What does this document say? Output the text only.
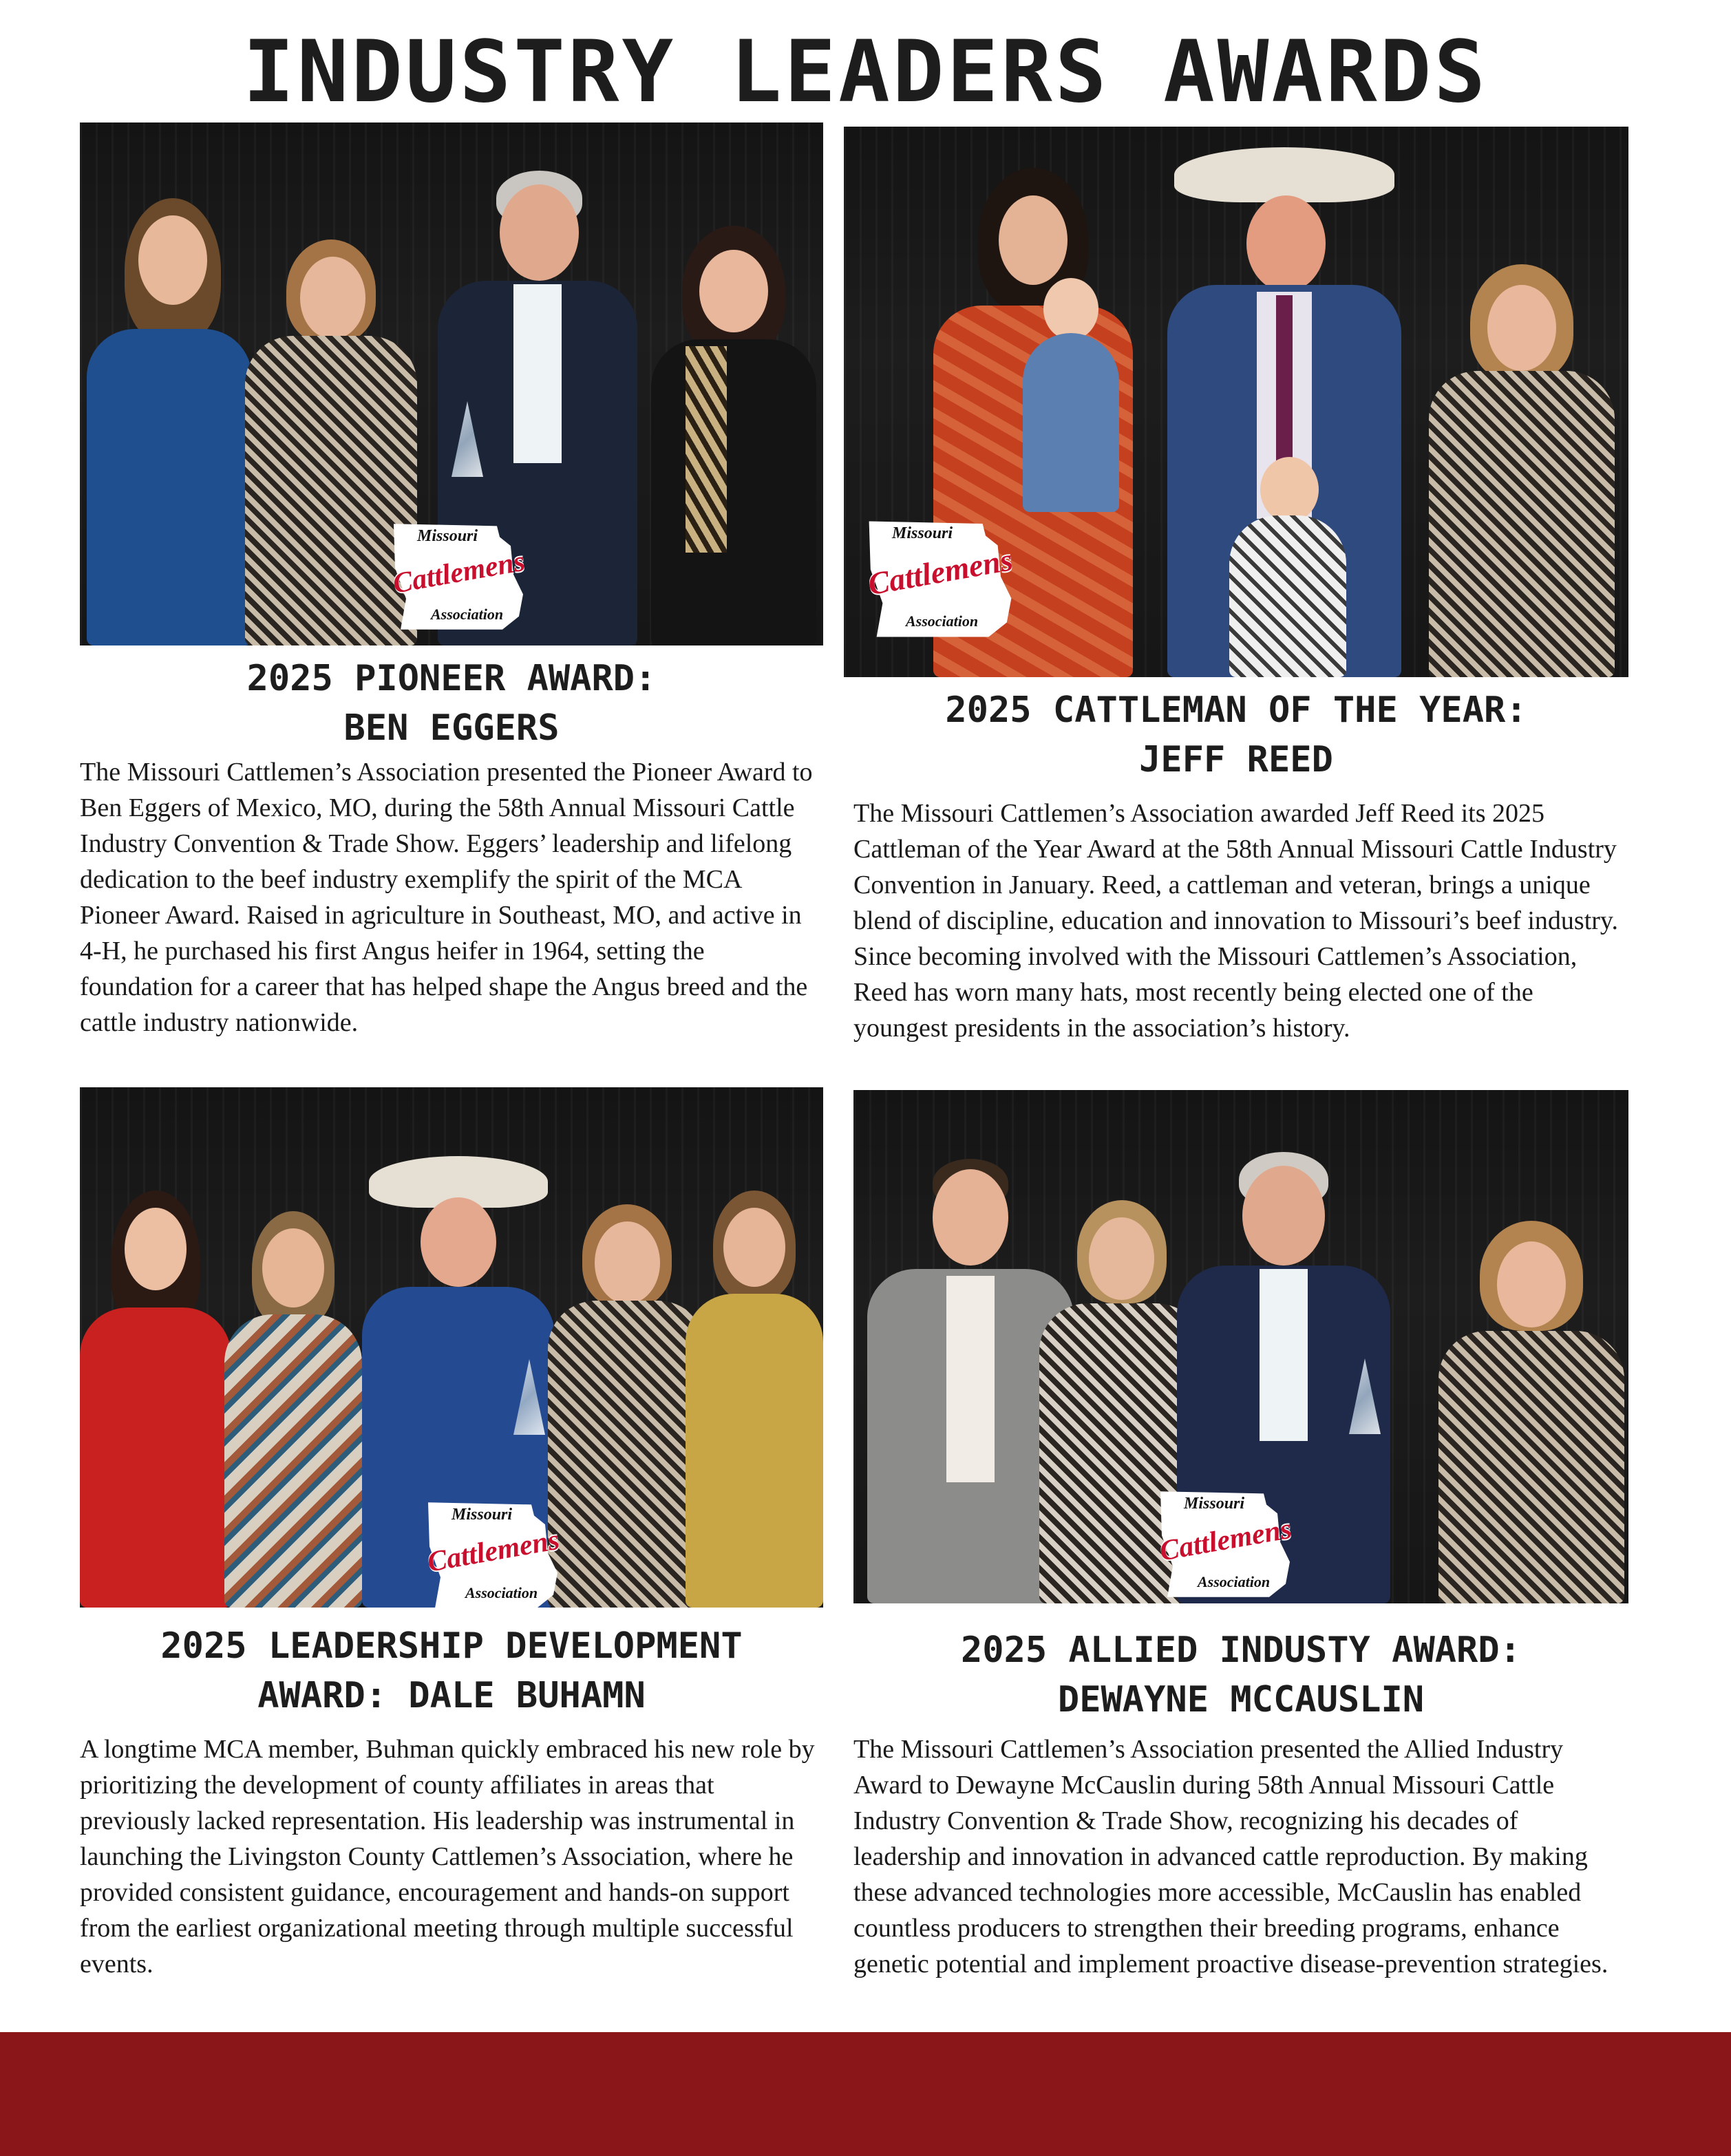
INDUSTRY LEADERS AWARDS
Missouri
Cattlemens
Association
2025 PIONEER AWARD:
BEN EGGERS

The Missouri Cattlemen’s Association presented the Pioneer Award to Ben Eggers of Mexico, MO, during the 58th Annual Missouri Cattle Industry Convention & Trade Show. Eggers’ leadership and lifelong dedication to the beef industry exemplify the spirit of the MCA Pioneer Award. Raised in agriculture in Southeast, MO, and active in 4-H, he purchased his first Angus heifer in 1964, setting the foundation for a career that has helped shape the Angus breed and the cattle industry nationwide.

Missouri
Cattlemens
Association
2025 CATTLEMAN OF THE YEAR:
JEFF REED

The Missouri Cattlemen’s Association awarded Jeff Reed its 2025 Cattleman of the Year Award at the 58th Annual Missouri Cattle Industry Convention in January. Reed, a cattleman and veteran, brings a unique blend of discipline, education and innovation to Missouri’s beef industry. Since becoming involved with the Missouri Cattlemen’s Association, Reed has worn many hats, most recently being elected one of the youngest presidents in the association’s history.

Missouri
Cattlemens
Association
2025 LEADERSHIP DEVELOPMENT
AWARD: DALE BUHAMN

A longtime MCA member, Buhman quickly embraced his new role by prioritizing the development of county affiliates in areas that previously lacked representation. His leadership was instrumental in launching the Livingston County Cattlemen’s Association, where he provided consistent guidance, encouragement and hands-on support from the earliest organizational meeting through multiple successful events.

Missouri
Cattlemens
Association
2025 ALLIED INDUSTY AWARD:
DEWAYNE MCCAUSLIN

The Missouri Cattlemen’s Association presented the Allied Industry Award to Dewayne McCauslin during 58th Annual Missouri Cattle Industry Convention & Trade Show, recognizing his decades of leadership and innovation in advanced cattle reproduction. By making these advanced technologies more accessible, McCauslin has enabled countless producers to strengthen their breeding programs, enhance genetic potential and implement proactive disease-prevention strategies.
